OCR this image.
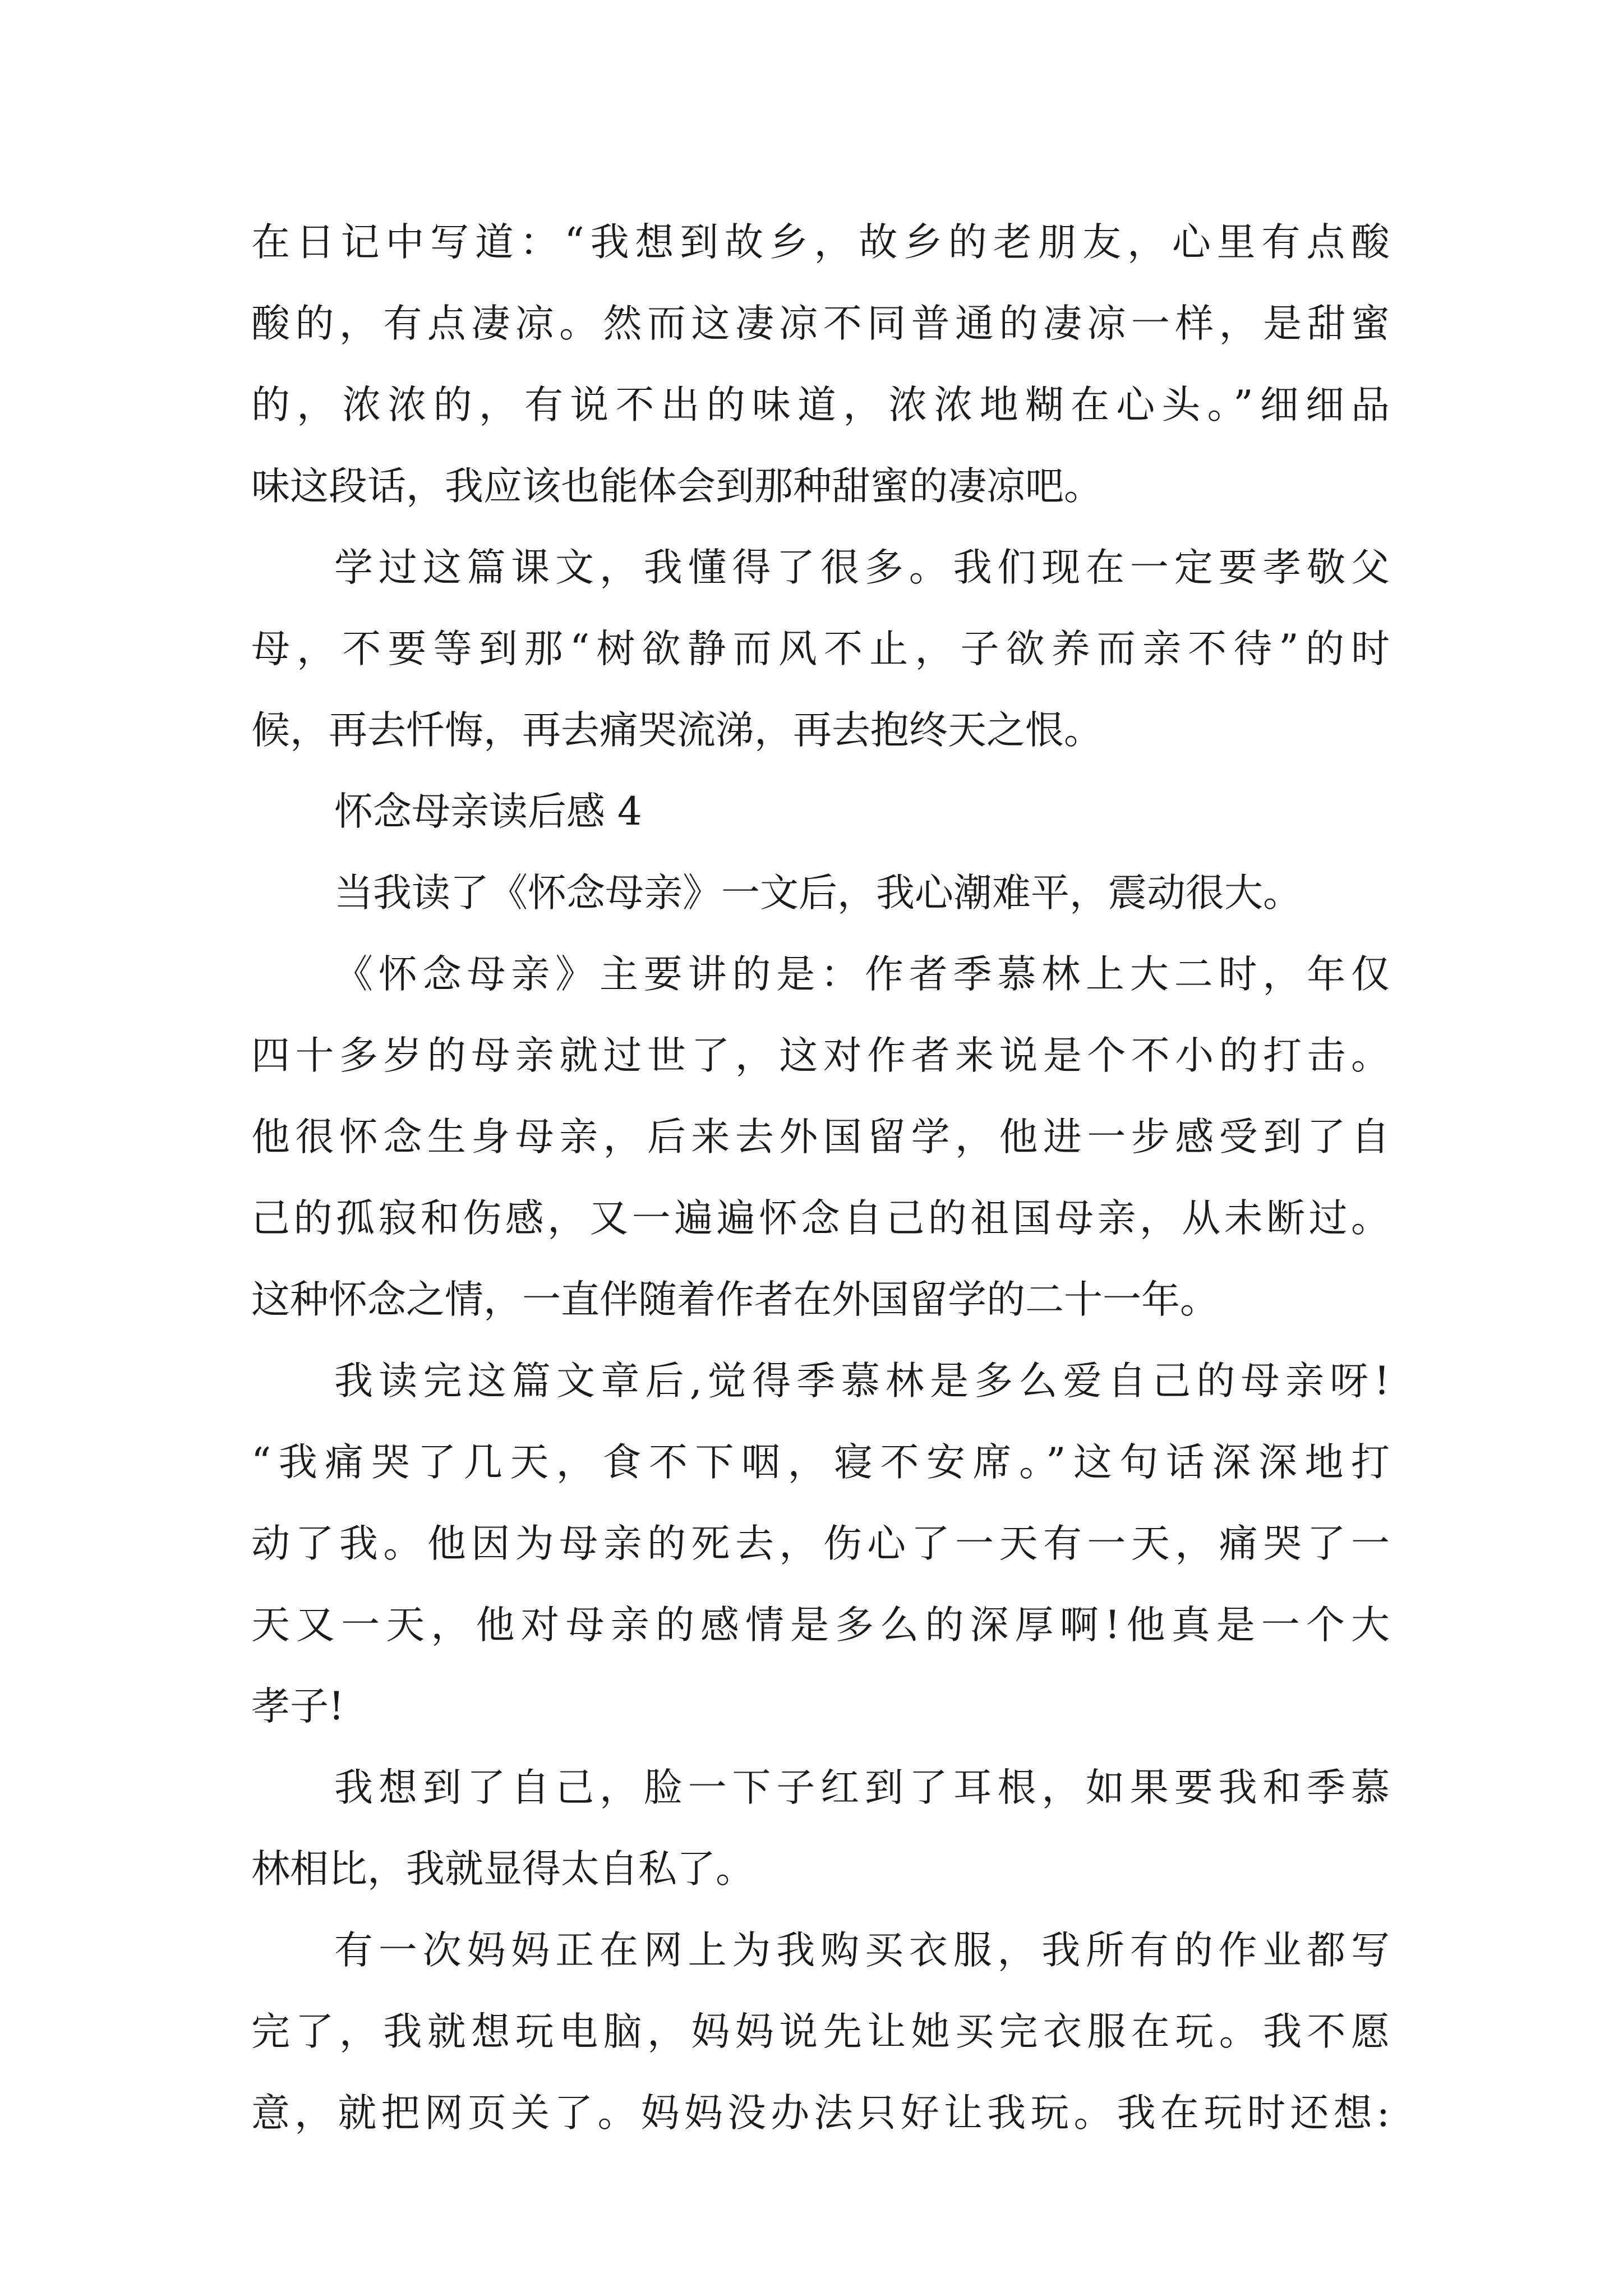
在日记中写道：“我想到故乡，故乡的老朋友，心里有点酸
酸的，有点凄凉。然而这凄凉不同普通的凄凉一样，是甜蜜
的，浓浓的，有说不出的味道，浓浓地糊在心头。”细细品
味这段话，我应该也能体会到那种甜蜜的凄凉吧。
学过这篇课文，我懂得了很多。我们现在一定要孝敬父
母，不要等到那“树欲静而风不止，子欲养而亲不待”的时
候，再去忏悔，再去痛哭流涕，再去抱终天之恨。
怀念母亲读后感 4
当我读了《怀念母亲》一文后，我心潮难平，震动很大。
《怀念母亲》主要讲的是：作者季慕林上大二时，年仅
四十多岁的母亲就过世了，这对作者来说是个不小的打击。
他很怀念生身母亲，后来去外国留学，他进一步感受到了自
己的孤寂和伤感，又一遍遍怀念自己的祖国母亲，从未断过。
这种怀念之情，一直伴随着作者在外国留学的二十一年。
我读完这篇文章后,觉得季慕林是多么爱自己的母亲呀!
“我痛哭了几天，食不下咽，寝不安席。”这句话深深地打
动了我。他因为母亲的死去，伤心了一天有一天，痛哭了一
天又一天，他对母亲的感情是多么的深厚啊!他真是一个大
孝子!
我想到了自己，脸一下子红到了耳根，如果要我和季慕
林相比，我就显得太自私了。
有一次妈妈正在网上为我购买衣服，我所有的作业都写
完了，我就想玩电脑，妈妈说先让她买完衣服在玩。我不愿
意，就把网页关了。妈妈没办法只好让我玩。我在玩时还想:
